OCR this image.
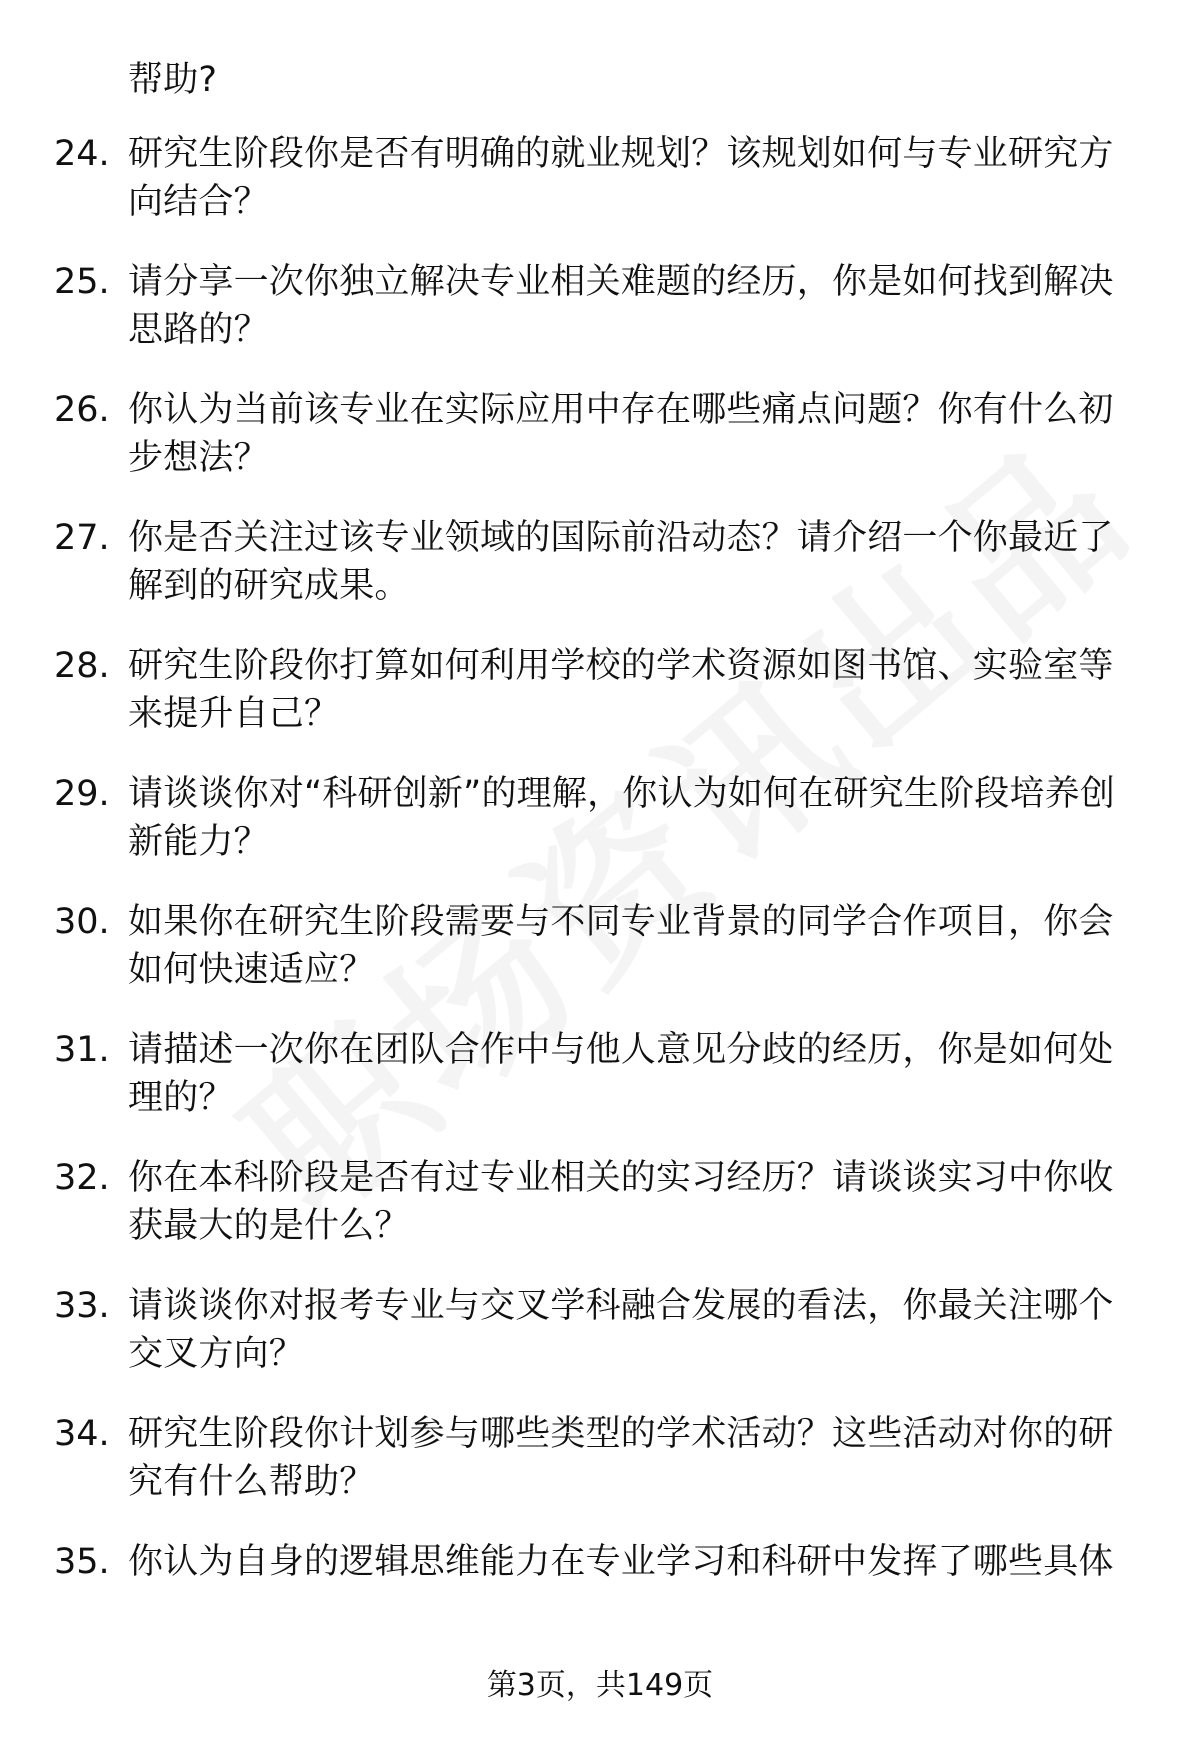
帮助?
24. 研究生阶段你是否有明确的就业规划？该规划如何与专业研究方向结合？
25. 请分享一次你独立解决专业相关难题的经历，你是如何找到解决思路的？
26. 你认为当前该专业在实际应用中存在哪些痛点问题？你有什么初步想法？
27. 你是否关注过该专业领域的国际前沿动态？请介绍一个你最近了解到的研究成果。
28. 研究生阶段你打算如何利用学校的学术资源如图书馆、实验室等来提升自己？
29. 请谈谈你对“科研创新”的理解，你认为如何在研究生阶段培养创新能力？
30. 如果你在研究生阶段需要与不同专业背景的同学合作项目，你会如何快速适应？
31. 请描述一次你在团队合作中与他人意见分歧的经历，你是如何处理的？
32. 你在本科阶段是否有过专业相关的实习经历？请谈谈实习中你收获最大的是什么？
33. 请谈谈你对报考专业与交叉学科融合发展的看法，你最关注哪个交叉方向？
34. 研究生阶段你计划参与哪些类型的学术活动？这些活动对你的研究有什么帮助？
35. 你认为自身的逻辑思维能力在专业学习和科研中发挥了哪些具体
第3页，共149页
